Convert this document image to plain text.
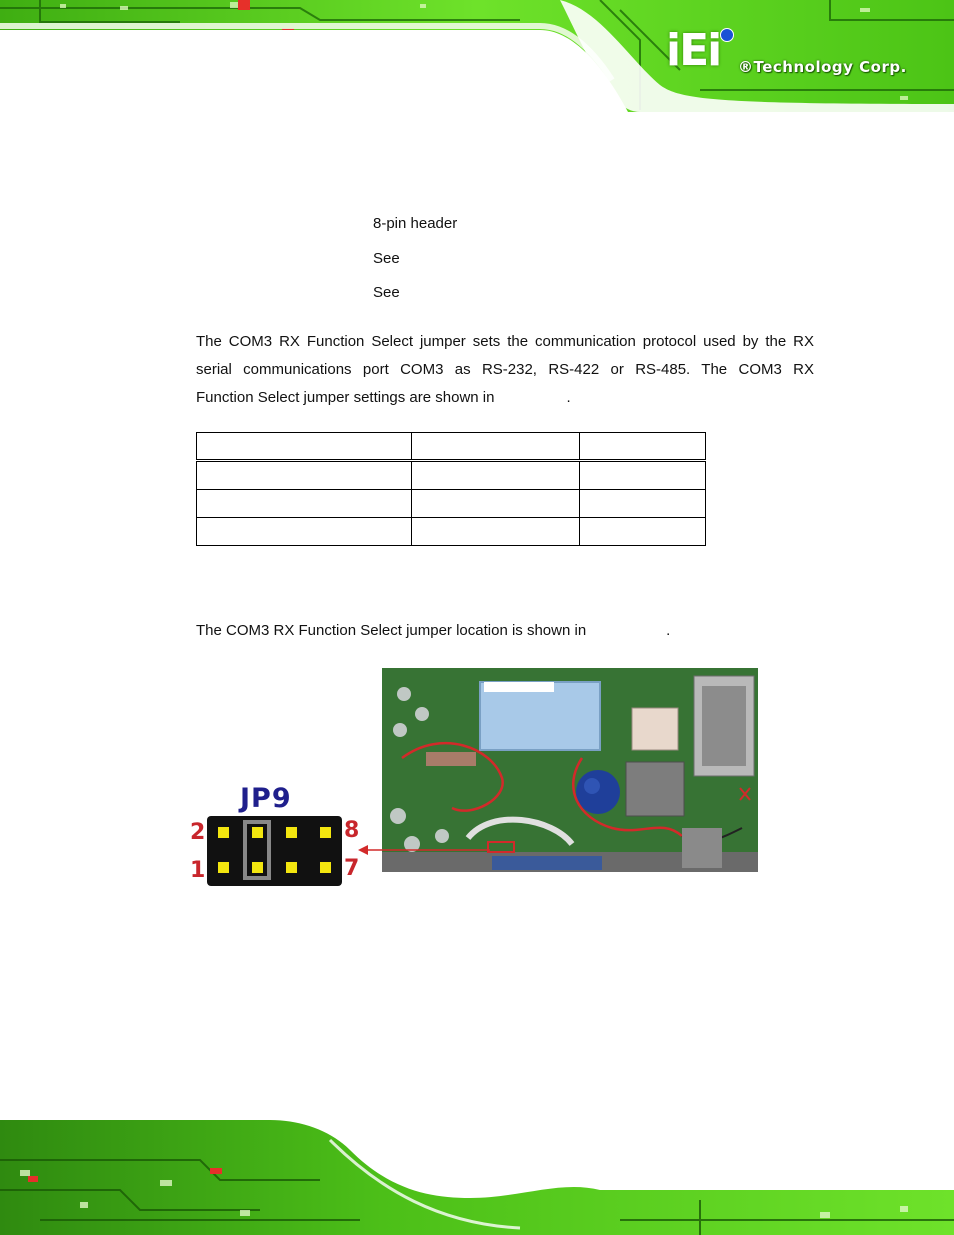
iEi ®Technology Corp.
8-pin header
See
See
The COM3 RX Function Select jumper sets the communication protocol used by the RX
serial communications port COM3 as RS-232, RS-422 or RS-485. The COM3 RX
Function Select jumper settings are shown in	.

The COM3 RX Function Select jumper location is shown in	.
JP9
2
1
8
7
